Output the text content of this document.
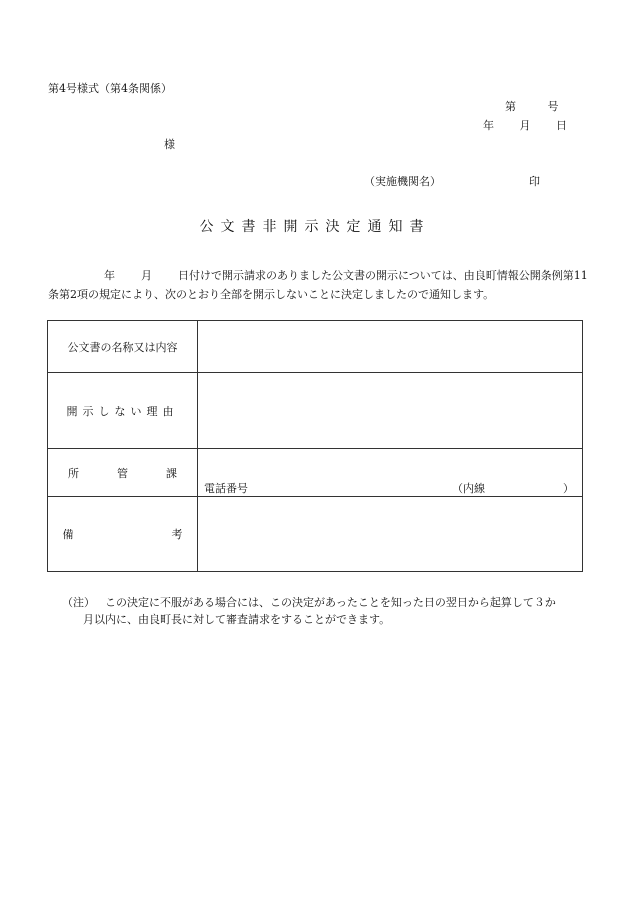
第4号様式（第4条関係）
第 号
年 月 日
様
（実施機関名）	印
公文書非開示決定通知書
年 月 日付けで開示請求のありました公文書の開示については、由良町情報公開条例第11条第2項の規定により、次のとおり全部を開示しないことに決定しましたので通知します。
公文書の名称又は内容	

開示しない理由	

所管課	電話番号 （内線 ）

備考	

（注） この決定に不服がある場合には、この決定があったことを知った日の翌日から起算して３か
月以内に、由良町長に対して審査請求をすることができます。
